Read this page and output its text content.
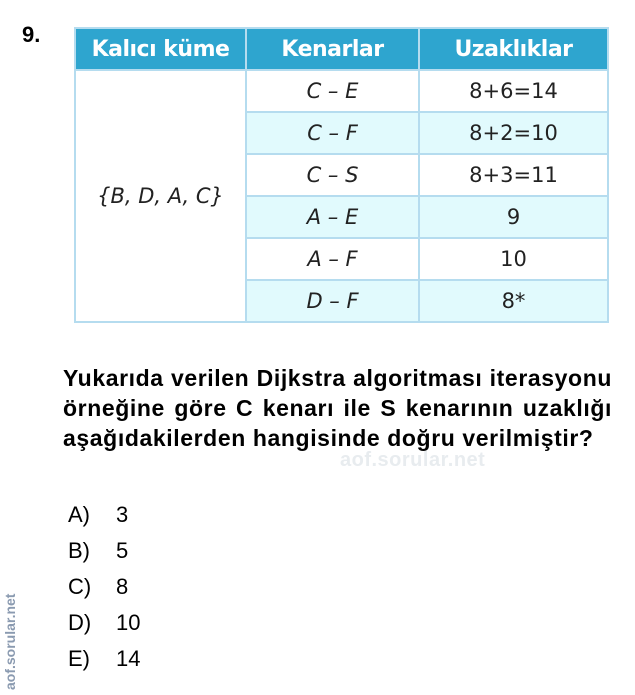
9.
Kalıcı küme	Kenarlar	Uzaklıklar
{B, D, A, C}	C – E	8+6=14
	C – F	8+2=10
	C – S	8+3=11
	A – E	9
	A – F	10
	D – F	8*
aof.sorular.net
Yukarıda verilen Dijkstra algoritması iterasyonu örneğine göre C kenarı ile S kenarının uzaklığı aşağıdakilerden hangisinde doğru verilmiştir?
A)	3
B)	5
C)	8
D)	10
E)	14
aof.sorular.net
